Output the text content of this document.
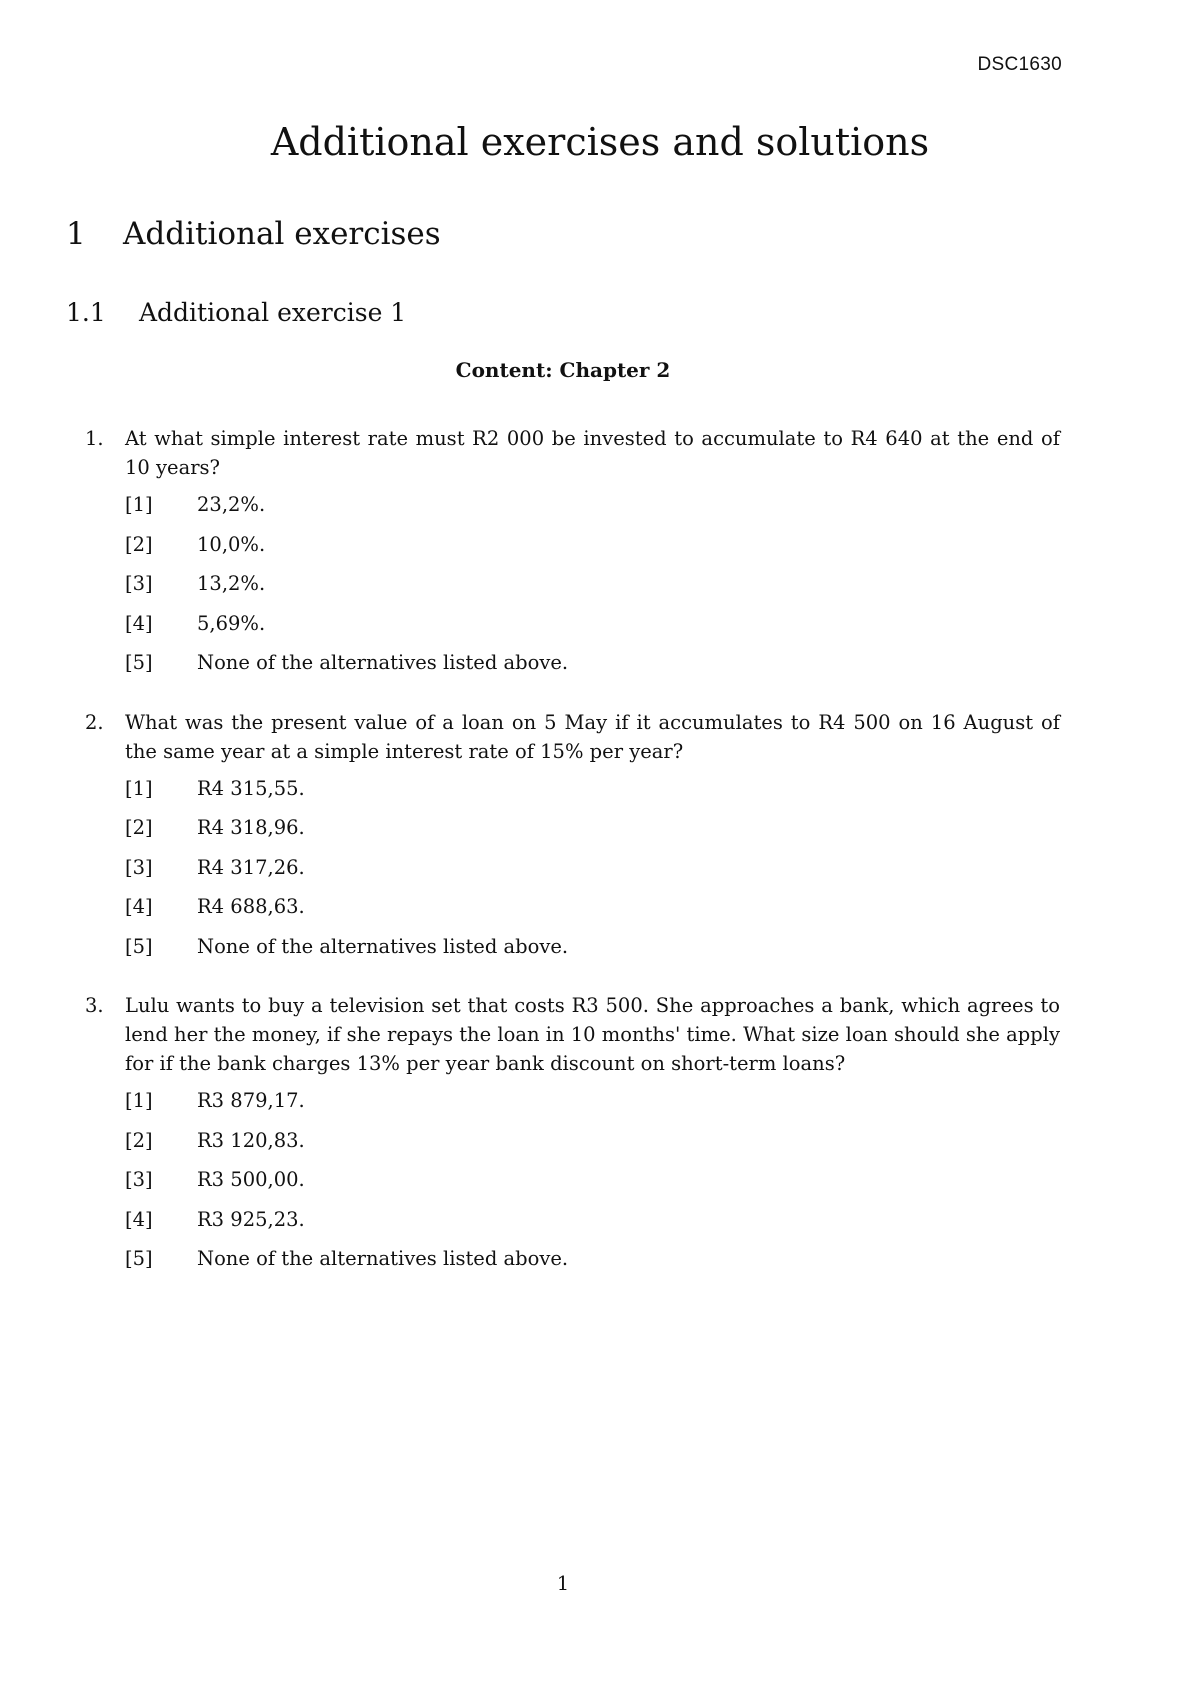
DSC1630
Additional exercises and solutions
1 Additional exercises
1.1 Additional exercise 1
Content: Chapter 2
1. At what simple interest rate must R2 000 be invested to accumulate to R4 640 at the end of 10 years?
[1]	23,2%.
[2]	10,0%.
[3]	13,2%.
[4]	5,69%.
[5]	None of the alternatives listed above.
2. What was the present value of a loan on 5 May if it accumulates to R4 500 on 16 August of the same year at a simple interest rate of 15% per year?
[1]	R4 315,55.
[2]	R4 318,96.
[3]	R4 317,26.
[4]	R4 688,63.
[5]	None of the alternatives listed above.
3. Lulu wants to buy a television set that costs R3 500. She approaches a bank, which agrees to lend her the money, if she repays the loan in 10 months' time. What size loan should she apply for if the bank charges 13% per year bank discount on short-term loans?
[1]	R3 879,17.
[2]	R3 120,83.
[3]	R3 500,00.
[4]	R3 925,23.
[5]	None of the alternatives listed above.
1
